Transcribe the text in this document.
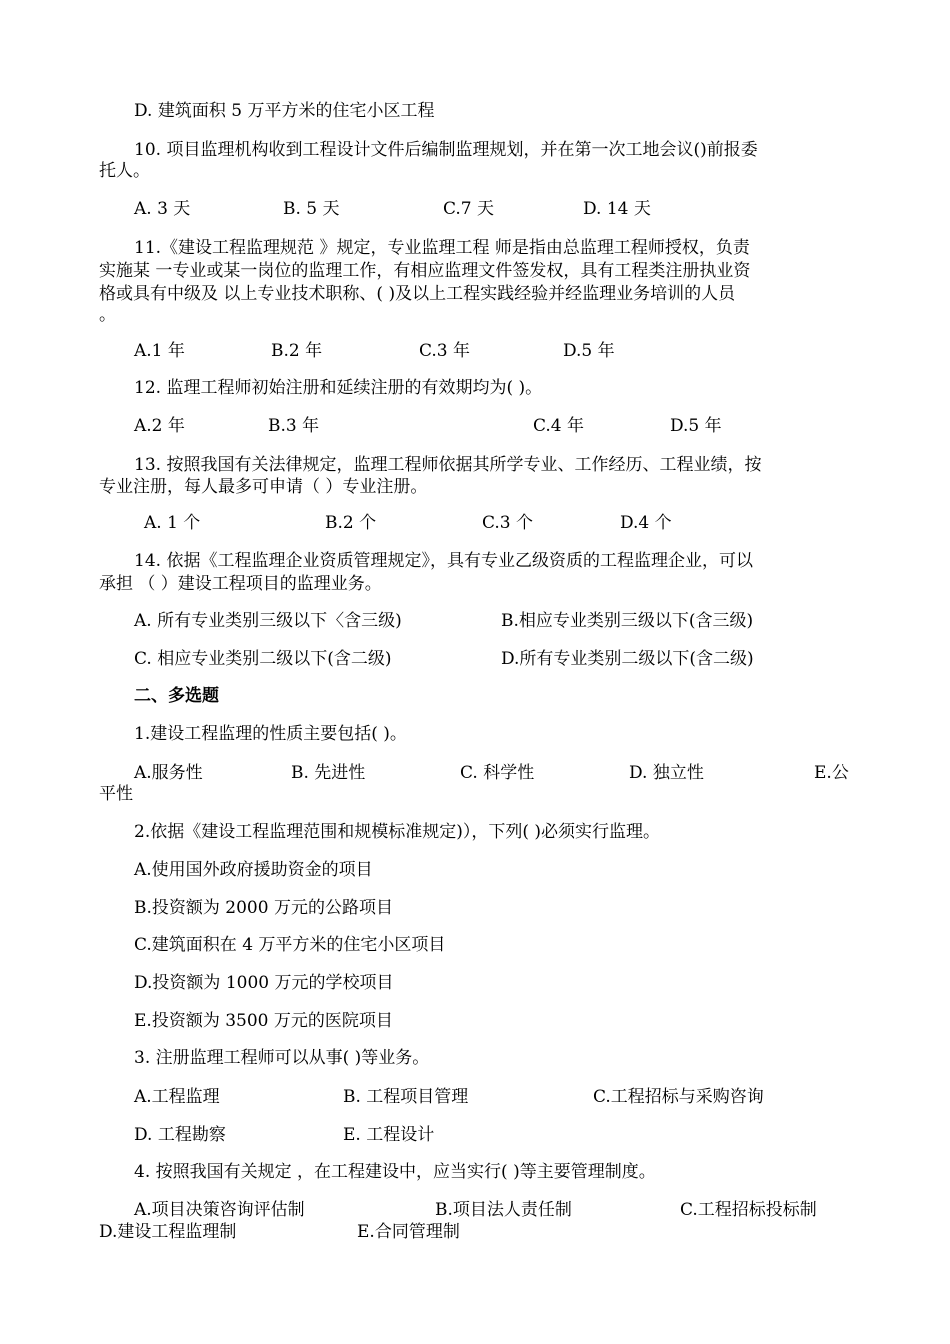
D. 建筑面积 5 万平方米的住宅小区工程
10. 项目监理机构收到工程设计文件后编制监理规划，并在第一次工地会议()前报委
托人。
A. 3 天	B. 5 天	C.7 天	D. 14 天
11.《建设工程监理规范 》规定，专业监理工程 师是指由总监理工程师授权，负责
实施某 一专业或某一岗位的监理工作，有相应监理文件签发权，具有工程类注册执业资
格或具有中级及 以上专业技术职称、( )及以上工程实践经验并经监理业务培训的人员
。
A.1 年	B.2 年	C.3 年	D.5 年
12. 监理工程师初始注册和延续注册的有效期均为( )。
A.2 年	B.3 年	C.4 年	D.5 年
13. 按照我国有关法律规定，监理工程师依据其所学专业、工作经历、工程业绩，按
专业注册，每人最多可申请（ ）专业注册。
A. 1 个	B.2 个	C.3 个	D.4 个
14. 依据《工程监理企业资质管理规定》，具有专业乙级资质的工程监理企业，可以
承担 （ ）建设工程项目的监理业务。
A. 所有专业类别三级以下〈含三级)	B.相应专业类别三级以下(含三级)
C. 相应专业类别二级以下(含二级)	D.所有专业类别二级以下(含二级)
二、多选题
1.建设工程监理的性质主要包括( )。
A.服务性	B. 先进性	C. 科学性	D. 独立性	E.公
平性
2.依据《建设工程监理范围和规模标准规定)），下列( )必须实行监理。
A.使用国外政府援助资金的项目
B.投资额为 2000 万元的公路项目
C.建筑面积在 4 万平方米的住宅小区项目
D.投资额为 1000 万元的学校项目
E.投资额为 3500 万元的医院项目
3. 注册监理工程师可以从事( )等业务。
A.工程监理	B. 工程项目管理	C.工程招标与采购咨询
D. 工程勘察	E. 工程设计
4. 按照我国有关规定 ，在工程建设中，应当实行( )等主要管理制度。
A.项目决策咨询评估制	B.项目法人责任制	C.工程招标投标制
D.建设工程监理制	E.合同管理制
